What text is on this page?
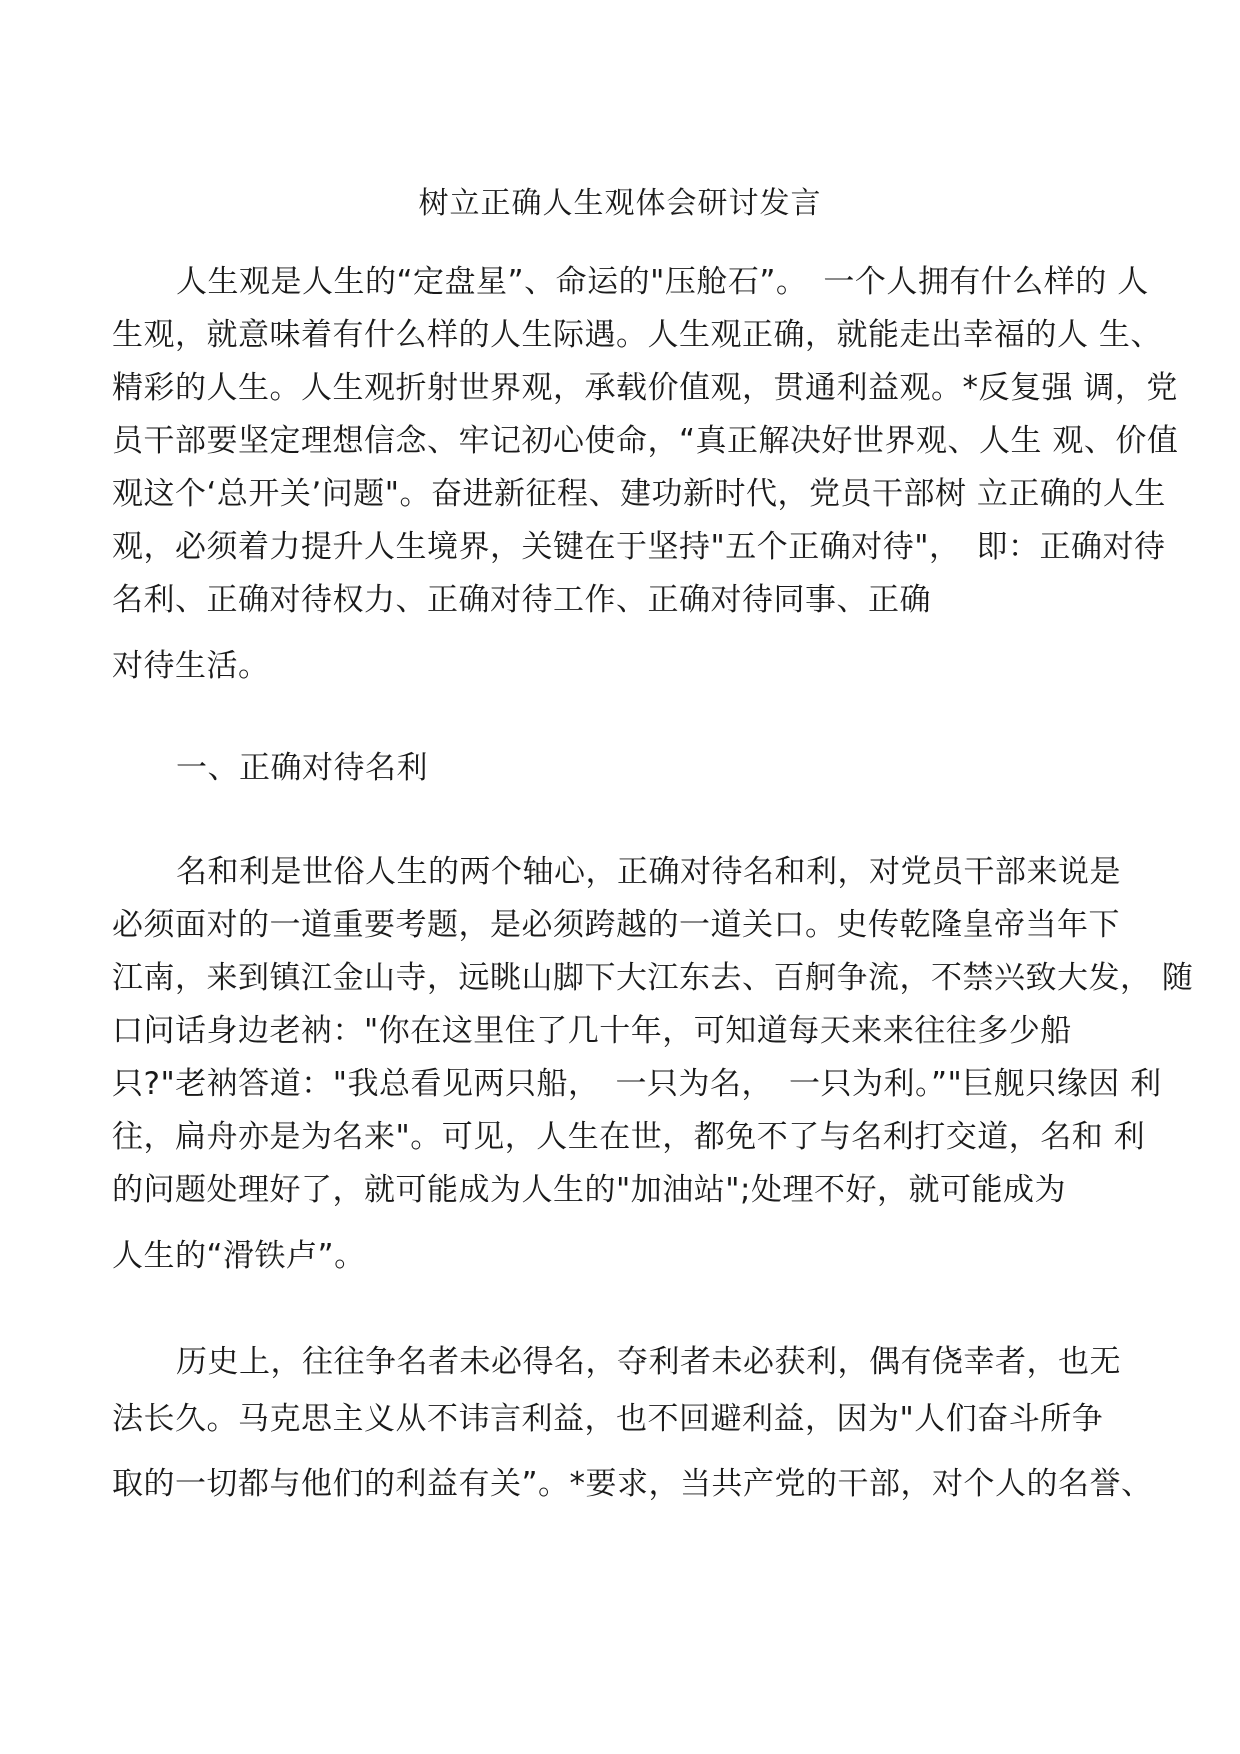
树立正确人生观体会研讨发言
人生观是人生的“定盘星”、命运的"压舱石”。　一个人拥有什么样的 人
生观，就意味着有什么样的人生际遇。人生观正确，就能走出幸福的人 生、
精彩的人生。人生观折射世界观，承载价值观，贯通利益观。*反复强 调，党
员干部要坚定理想信念、牢记初心使命，“真正解决好世界观、人生 观、价值
观这个‘总开关’问题"。奋进新征程、建功新时代，党员干部树 立正确的人生
观，必须着力提升人生境界，关键在于坚持"五个正确对待"，　即：正确对待
名利、正确对待权力、正确对待工作、正确对待同事、正确
对待生活。
一、正确对待名利
名和利是世俗人生的两个轴心，正确对待名和利，对党员干部来说是
必须面对的一道重要考题，是必须跨越的一道关口。史传乾隆皇帝当年下
江南，来到镇江金山寺，远眺山脚下大江东去、百舸争流，不禁兴致大发， 随
口问话身边老衲："你在这里住了几十年，可知道每天来来往往多少船
只?"老衲答道："我总看见两只船，　一只为名，　一只为利。”"巨舰只缘因 利
往，扁舟亦是为名来"。可见，人生在世，都免不了与名利打交道，名和 利
的问题处理好了，就可能成为人生的"加油站";处理不好，就可能成为
人生的“滑铁卢”。
历史上，往往争名者未必得名，夺利者未必获利，偶有侥幸者，也无
法长久。马克思主义从不讳言利益，也不回避利益，因为"人们奋斗所争
取的一切都与他们的利益有关”。*要求，当共产党的干部，对个人的名誉、
